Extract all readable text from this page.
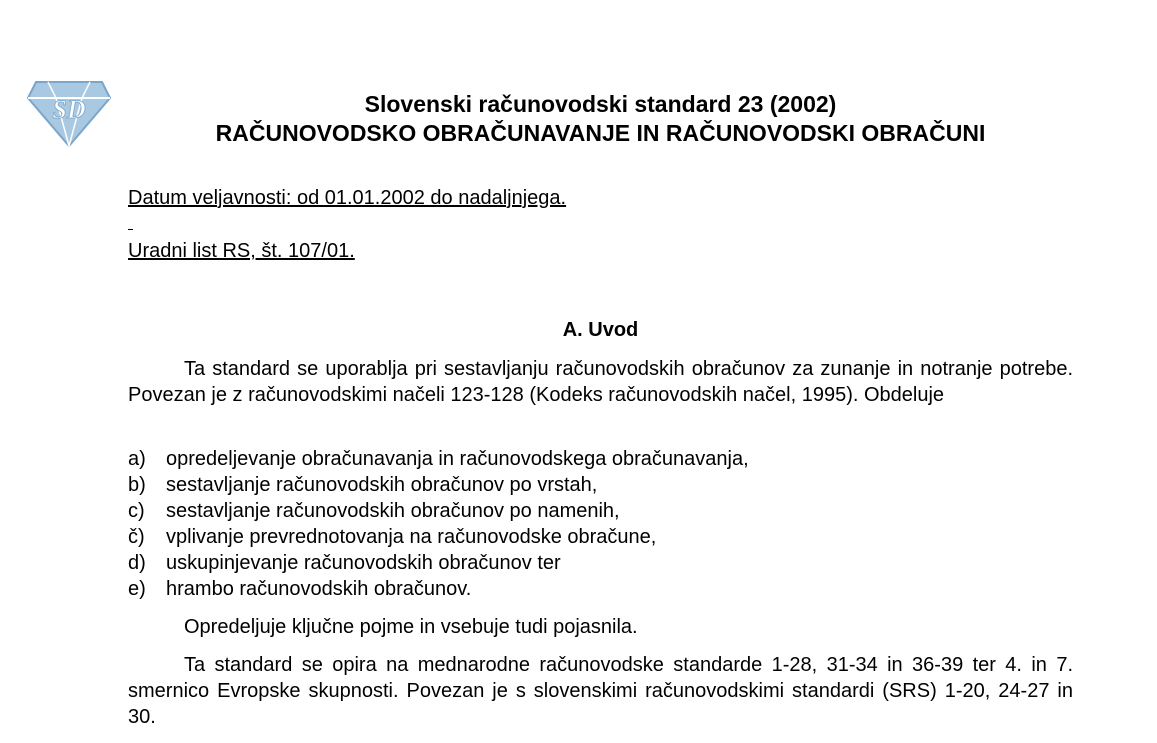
SD	Slovenski računovodski standard 23 (2002)
RAČUNOVODSKO OBRAČUNAVANJE IN RAČUNOVODSKI OBRAČUNI
Datum veljavnosti: od 01.01.2002 do nadaljnjega.
Uradni list RS, št. 107/01.
A. Uvod

Ta standard se uporablja pri sestavljanju računovodskih obračunov za zunanje in notranje potrebe. Povezan je z računovodskimi načeli 123-128 (Kodeks računovodskih načel, 1995). Obdeluje

a)	opredeljevanje obračunavanja in računovodskega obračunavanja,
b)	sestavljanje računovodskih obračunov po vrstah,
c)	sestavljanje računovodskih obračunov po namenih,
č)	vplivanje prevrednotovanja na računovodske obračune,
d)	uskupinjevanje računovodskih obračunov ter
e)	hrambo računovodskih obračunov.

Opredeljuje ključne pojme in vsebuje tudi pojasnila.

Ta standard se opira na mednarodne računovodske standarde 1-28, 31-34 in 36-39 ter 4. in 7. smernico Evropske skupnosti. Povezan je s slovenskimi računovodskimi standardi (SRS) 1-20, 24-27 in 30.
